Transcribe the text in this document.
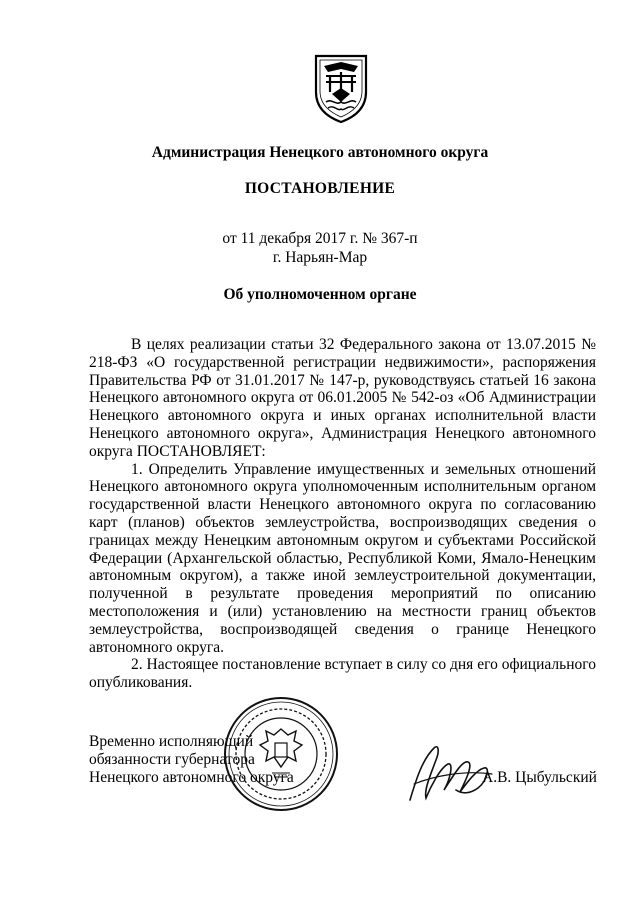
Администрация Ненецкого автономного округа
ПОСТАНОВЛЕНИЕ
от 11 декабря 2017 г. № 367-п
г. Нарьян-Мар
Об уполномоченном органе

В целях реализации статьи 32 Федерального закона от 13.07.2015 № 218-ФЗ «О государственной регистрации недвижимости», распоряжения Правительства РФ от 31.01.2017 № 147-р, руководствуясь статьей 16 закона Ненецкого автономного округа от 06.01.2005 № 542-оз «Об Администрации Ненецкого автономного округа и иных органах исполнительной власти Ненецкого автономного округа», Администрация Ненецкого автономного округа ПОСТАНОВЛЯЕТ:

1. Определить Управление имущественных и земельных отношений Ненецкого автономного округа уполномоченным исполнительным органом государственной власти Ненецкого автономного округа по согласованию карт (планов) объектов землеустройства, воспроизводящих сведения о границах между Ненецким автономным округом и субъектами Российской Федерации (Архангельской областью, Республикой Коми, Ямало-Ненецким автономным округом), а также иной землеустроительной документации, полученной в результате проведения мероприятий по описанию местоположения и (или) установлению на местности границ объектов землеустройства, воспроизводящей сведения о границе Ненецкого автономного округа.

2. Настоящее постановление вступает в силу со дня его официального опубликования.

Временно исполняющий
обязанности губернатора
Ненецкого автономного округа	А.В. Цыбульский
